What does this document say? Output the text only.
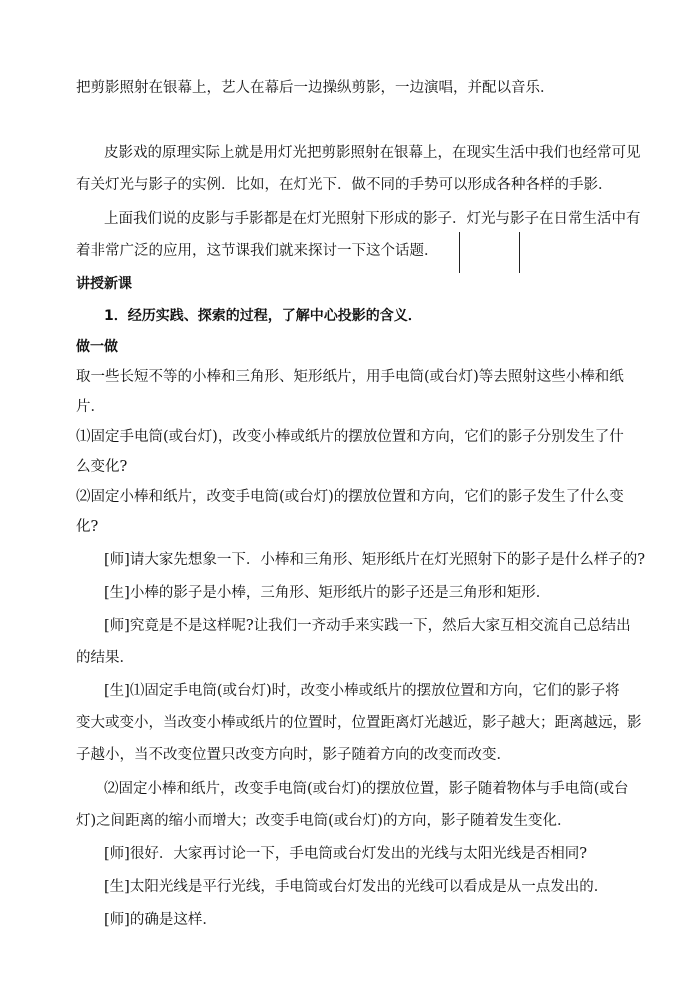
把剪影照射在银幕上，艺人在幕后一边操纵剪影，一边演唱，并配以音乐．
皮影戏的原理实际上就是用灯光把剪影照射在银幕上，在现实生活中我们也经常可见
有关灯光与影子的实例．比如，在灯光下．做不同的手势可以形成各种各样的手影．
上面我们说的皮影与手影都是在灯光照射下形成的影子．灯光与影子在日常生活中有
着非常广泛的应用，这节课我们就来探讨一下这个话题．
讲授新课
1．经历实践、探索的过程，了解中心投影的含义．
做一做
取一些长短不等的小棒和三角形、矩形纸片，用手电筒(或台灯)等去照射这些小棒和纸
片．
⑴固定手电筒(或台灯)，改变小棒或纸片的摆放位置和方向，它们的影子分别发生了什
么变化?
⑵固定小棒和纸片，改变手电筒(或台灯)的摆放位置和方向，它们的影子发生了什么变
化?
[师]请大家先想象一下．小棒和三角形、矩形纸片在灯光照射下的影子是什么样子的?
[生]小棒的影子是小棒，三角形、矩形纸片的影子还是三角形和矩形．
[师]究竟是不是这样呢?让我们一齐动手来实践一下，然后大家互相交流自己总结出
的结果．
[生]⑴固定手电筒(或台灯)时，改变小棒或纸片的摆放位置和方向，它们的影子将
变大或变小，当改变小棒或纸片的位置时，位置距离灯光越近，影子越大；距离越远，影
子越小，当不改变位置只改变方向时，影子随着方向的改变而改变．
⑵固定小棒和纸片，改变手电筒(或台灯)的摆放位置，影子随着物体与手电筒(或台
灯)之间距离的缩小而增大；改变手电筒(或台灯)的方向，影子随着发生变化．
[师]很好．大家再讨论一下，手电筒或台灯发出的光线与太阳光线是否相同?
[生]太阳光线是平行光线，手电筒或台灯发出的光线可以看成是从一点发出的．
[师]的确是这样．
